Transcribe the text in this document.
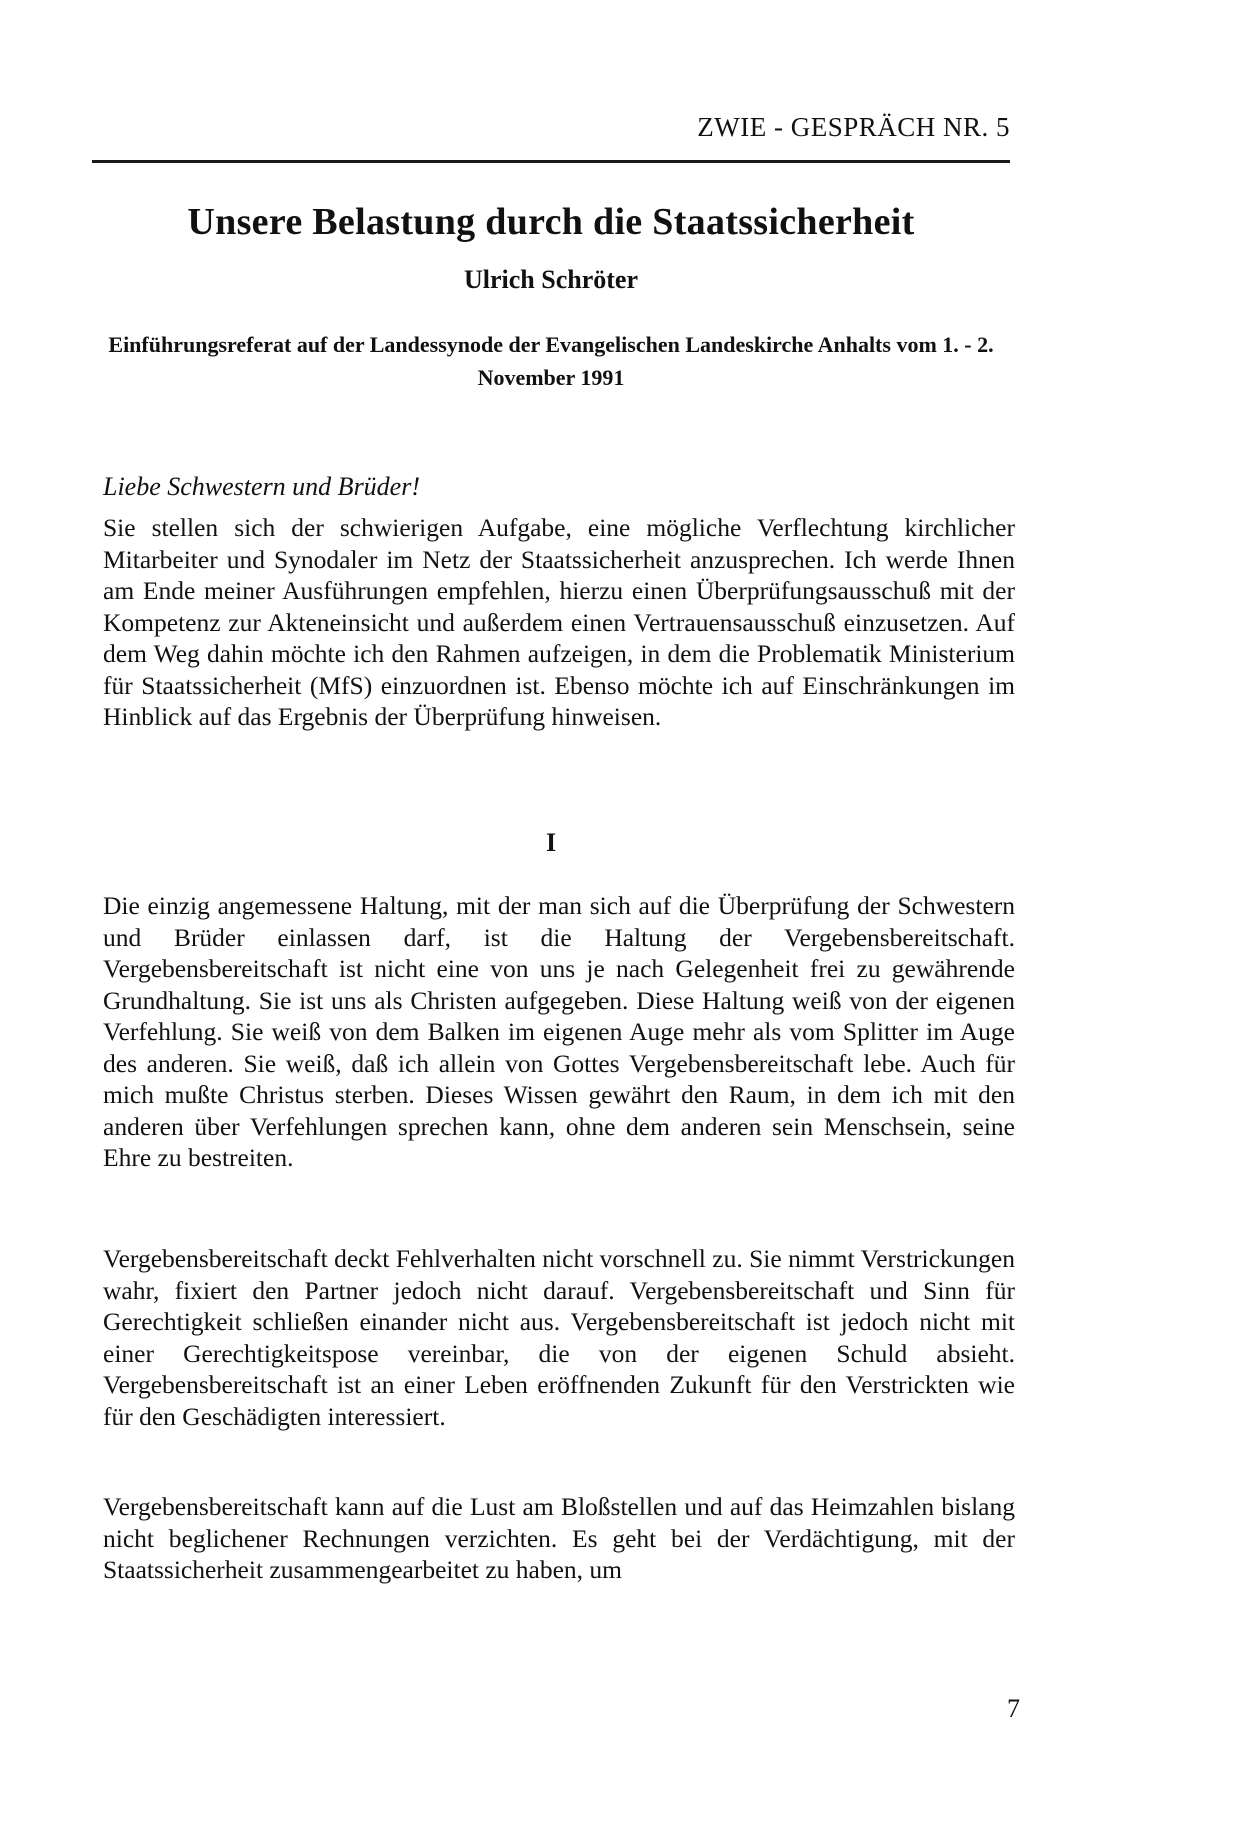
ZWIE - GESPRÄCH NR. 5
Unsere Belastung durch die Staatssicherheit
Ulrich Schröter
Einführungsreferat auf der Landessynode der Evangelischen Landeskirche Anhalts vom 1. - 2. November 1991
Liebe Schwestern und Brüder!
Sie stellen sich der schwierigen Aufgabe, eine mögliche Verflechtung kirchlicher Mitarbeiter und Synodaler im Netz der Staatssicherheit anzusprechen. Ich werde Ihnen am Ende meiner Ausführungen empfehlen, hierzu einen Überprüfungsausschuß mit der Kompetenz zur Akteneinsicht und außerdem einen Vertrauensausschuß einzusetzen. Auf dem Weg dahin möchte ich den Rahmen aufzeigen, in dem die Problematik Ministerium für Staatssicherheit (MfS) einzuordnen ist. Ebenso möchte ich auf Einschränkungen im Hinblick auf das Ergebnis der Überprüfung hinweisen.
I
Die einzig angemessene Haltung, mit der man sich auf die Überprüfung der Schwestern und Brüder einlassen darf, ist die Haltung der Vergebensbereitschaft. Vergebensbereitschaft ist nicht eine von uns je nach Gelegenheit frei zu gewährende Grundhaltung. Sie ist uns als Christen aufgegeben. Diese Haltung weiß von der eigenen Verfehlung. Sie weiß von dem Balken im eigenen Auge mehr als vom Splitter im Auge des anderen. Sie weiß, daß ich allein von Gottes Vergebensbereitschaft lebe. Auch für mich mußte Christus sterben. Dieses Wissen gewährt den Raum, in dem ich mit den anderen über Verfehlungen sprechen kann, ohne dem anderen sein Menschsein, seine Ehre zu bestreiten.
Vergebensbereitschaft deckt Fehlverhalten nicht vorschnell zu. Sie nimmt Verstrickungen wahr, fixiert den Partner jedoch nicht darauf. Vergebensbereitschaft und Sinn für Gerechtigkeit schließen einander nicht aus. Vergebensbereitschaft ist jedoch nicht mit einer Gerechtigkeitspose vereinbar, die von der eigenen Schuld absieht. Vergebensbereitschaft ist an einer Leben eröffnenden Zukunft für den Verstrickten wie für den Geschädigten interessiert.
Vergebensbereitschaft kann auf die Lust am Bloßstellen und auf das Heimzahlen bislang nicht beglichener Rechnungen verzichten. Es geht bei der Verdächtigung, mit der Staatssicherheit zusammengearbeitet zu haben, um
7
